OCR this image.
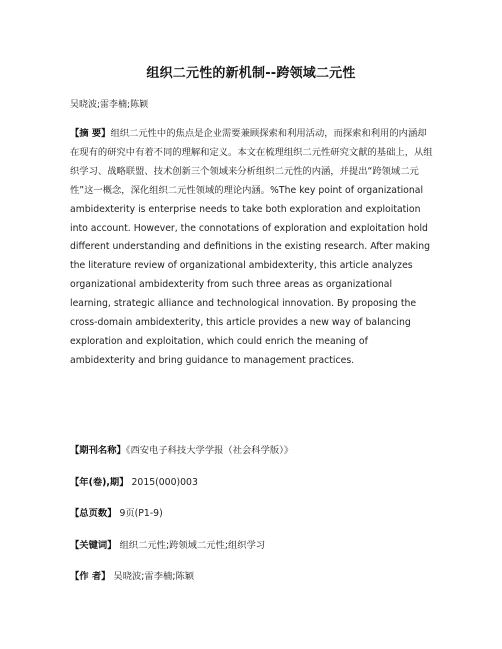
组织二元性的新机制--跨领域二元性
吴晓波;雷李楠;陈颖

【摘 要】组织二元性中的焦点是企业需要兼顾探索和利用活动，而探索和利用的内涵却在现有的研究中有着不同的理解和定义。本文在梳理组织二元性研究文献的基础上，从组织学习、战略联盟、技术创新三个领域来分析组织二元性的内涵，并提出“跨领域二元性”这一概念，深化组织二元性领域的理论内涵。%The key point of organizational ambidexterity is enterprise needs to take both exploration and exploitation into account. However, the connotations of exploration and exploitation hold different understanding and definitions in the existing research. After making the literature review of organizational ambidexterity, this article analyzes organizational ambidexterity from such three areas as organizational learning, strategic alliance and technological innovation. By proposing the cross-domain ambidexterity, this article provides a new way of balancing exploration and exploitation, which could enrich the meaning of ambidexterity and bring guidance to management practices.

【期刊名称】《西安电子科技大学学报（社会科学版）》
【年(卷),期】 2015(000)003
【总页数】 9页(P1-9)
【关键词】 组织二元性;跨领域二元性;组织学习
【作 者】 吴晓波;雷李楠;陈颖
